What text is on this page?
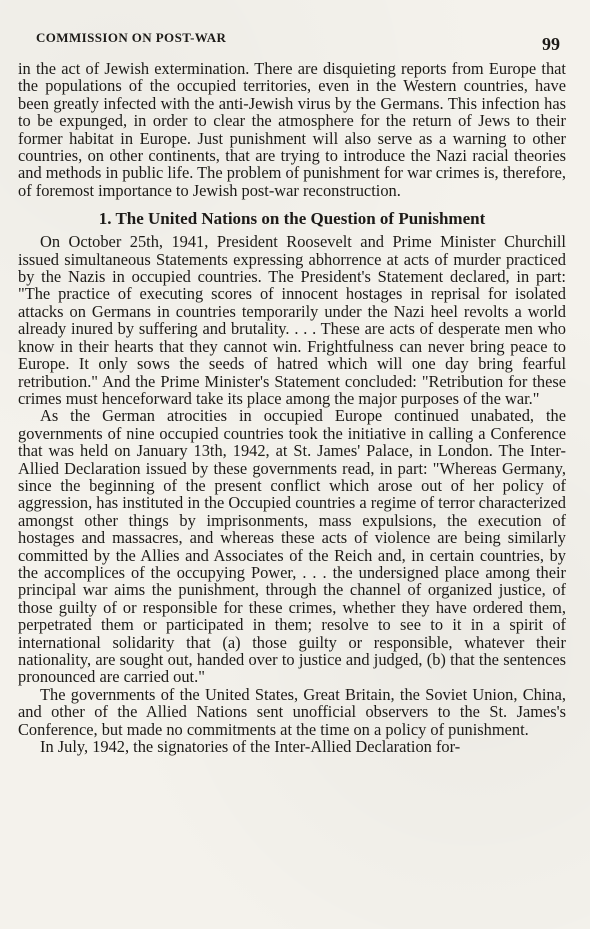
COMMISSION ON POST-WAR	99

in the act of Jewish extermination. There are disquieting reports from Europe that the populations of the occupied territories, even in the Western countries, have been greatly infected with the anti-Jewish virus by the Germans. This infection has to be expunged, in order to clear the atmosphere for the return of Jews to their former habitat in Europe. Just punishment will also serve as a warning to other countries, on other continents, that are trying to introduce the Nazi racial theories and methods in public life. The problem of punishment for war crimes is, therefore, of foremost importance to Jewish post-war reconstruction.

1. The United Nations on the Question of Punishment

On October 25th, 1941, President Roosevelt and Prime Minister Churchill issued simultaneous Statements expressing abhorrence at acts of murder practiced by the Nazis in occupied countries. The President's Statement declared, in part: "The practice of executing scores of innocent hostages in reprisal for isolated attacks on Germans in countries temporarily under the Nazi heel revolts a world already inured by suffering and brutality. . . . These are acts of desperate men who know in their hearts that they cannot win. Frightfulness can never bring peace to Europe. It only sows the seeds of hatred which will one day bring fearful retribution." And the Prime Minister's Statement concluded: "Retribution for these crimes must henceforward take its place among the major purposes of the war."

As the German atrocities in occupied Europe continued unabated, the governments of nine occupied countries took the initiative in calling a Conference that was held on January 13th, 1942, at St. James' Palace, in London. The Inter-Allied Declaration issued by these governments read, in part: "Whereas Germany, since the beginning of the present conflict which arose out of her policy of aggression, has instituted in the Occupied countries a regime of terror characterized amongst other things by imprisonments, mass expulsions, the execution of hostages and massacres, and whereas these acts of violence are being similarly committed by the Allies and Associates of the Reich and, in certain countries, by the accomplices of the occupying Power, . . . the undersigned place among their principal war aims the punishment, through the channel of organized justice, of those guilty of or responsible for these crimes, whether they have ordered them, perpetrated them or participated in them; resolve to see to it in a spirit of international solidarity that (a) those guilty or responsible, whatever their nationality, are sought out, handed over to justice and judged, (b) that the sentences pronounced are carried out."

The governments of the United States, Great Britain, the Soviet Union, China, and other of the Allied Nations sent unofficial observers to the St. James's Conference, but made no commitments at the time on a policy of punishment.

In July, 1942, the signatories of the Inter-Allied Declaration for-
